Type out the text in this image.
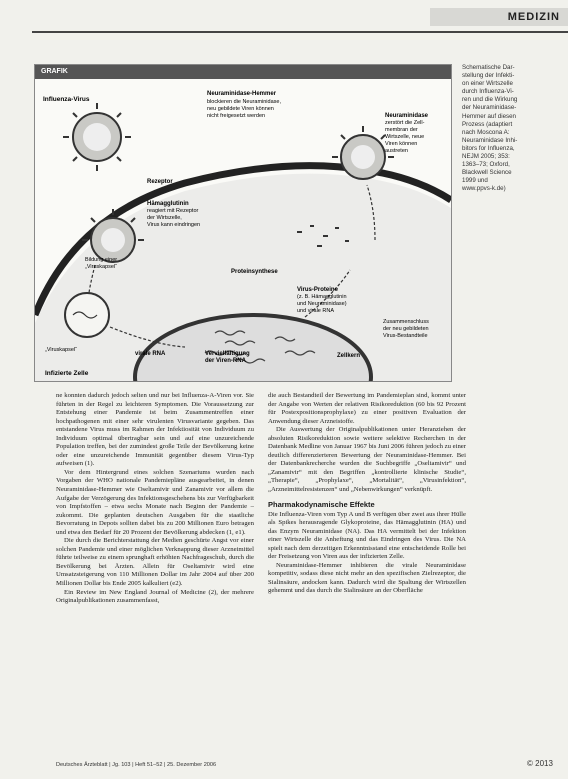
MEDIZIN
GRAFIK
Influenza-Virus
Neuraminidase-Hemmer
blockieren die Neuraminidase,
neu gebildete Viren können
nicht freigesetzt werden	Neuraminidase
zerstört die Zell-
membran der
Wirtszelle, neue
Viren können
austreten
Rezeptor
Hämagglutinin
reagiert mit Rezeptor
der Wirtszelle,
Virus kann eindringen
Bildung einer
„Viruskapsel“
Proteinsynthese
Virus-Proteine
(z. B. Hämagglutinin
und Neuraminidase)
und virale RNA
Zusammenschluss
der neu gebildeten
Virus-Bestandteile
„Viruskapsel“
virale RNA	Vervielfältigung
der Viren-RNA
Zellkern
Infizierte Zelle
Schematische Dar-
stellung der Infekti-
on einer Wirtszelle
durch Influenza-Vi-
ren und die Wirkung
der Neuraminidase-
Hemmer auf diesen
Prozess (adaptiert
nach Moscona A:
Neuraminidase Inhi-
bitors for Influenza,
NEJM 2005; 353:
1363–73; Oxford,
Blackwell Science
1999 und
www.ppvs-k.de)

ne konnten dadurch jedoch selten und nur bei Influenza-A-Viren vor. Sie führten in der Regel zu leichteren Symptomen. Die Voraussetzung zur Entstehung einer Pandemie ist beim Zusammentreffen einer hochpathogenen mit einer sehr virulenten Virusvariante gegeben. Das entstandene Virus muss im Rahmen der Infektiosität von Individuum zu Individuum optimal übertragbar sein und auf eine unzureichende Population treffen, bei der zumindest große Teile der Bevölkerung keine oder eine unzureichende Immunität gegenüber diesem Virus-Typ aufweisen (1).

Vor dem Hintergrund eines solchen Szenariums wurden nach Vorgaben der WHO nationale Pandemiepläne ausgearbeitet, in denen Neuraminidase-Hemmer wie Oseltamivir und Zanamivir vor allem die Aufgabe der Verzögerung des Infektionsgeschehens bis zur Verfügbarkeit von Impfstoffen – etwa sechs Monate nach Beginn der Pandemie – zukommt. Die geplanten deutschen Ausgaben für die staatliche Bevorratung in Depots sollten dabei bis zu 200 Millionen Euro betragen und etwa den Bedarf für 20 Prozent der Bevölkerung abdecken (1, e1).

Die durch die Berichterstattung der Medien geschürte Angst vor einer solchen Pandemie und einer möglichen Verknappung dieser Arzneimittel führte teilweise zu einem sprunghaft erhöhten Nachfrageschub, durch die Bevölkerung bei Ärzten. Allein für Oseltamivir wird eine Umsatzsteigerung von 110 Millionen Dollar im Jahr 2004 auf über 200 Millionen Dollar bis Ende 2005 kalkuliert (e2).

Ein Review im New England Journal of Medicine (2), der mehrere Originalpublikationen zusammenfasst,

die auch Bestandteil der Bewertung im Pandemieplan sind, kommt unter der Angabe von Werten der relativen Risikoreduktion (60 bis 92 Prozent für Postexpositionsprophylaxe) zu einer positiven Evaluation der Anwendung dieser Arzneistoffe.

Die Auswertung der Originalpublikationen unter Heranziehen der absoluten Risikoreduktion sowie weitere selektive Recherchen in der Datenbank Medline von Januar 1967 bis Juni 2006 führen jedoch zu einer deutlich differenzierteren Bewertung der Neuraminidase-Hemmer. Bei der Datenbankrecherche wurden die Suchbegriffe „Oseltamivir“ und „Zanamivir“ mit den Begriffen „kontrollierte klinische Studie“, „Therapie“, „Prophylaxe“, „Mortalität“, „Virusinfektion“, „Arzneimittelresistenzen“ und „Nebenwirkungen“ verknüpft.

Pharmakodynamische Effekte

Die Influenza-Viren vom Typ A und B verfügen über zwei aus ihrer Hülle als Spikes herausragende Glykoproteine, das Hämagglutinin (HA) und das Enzym Neuraminidase (NA). Das HA vermittelt bei der Infektion einer Wirtszelle die Anheftung und das Eindringen des Virus. Die NA spielt nach dem derzeitigen Erkenntnisstand eine entscheidende Rolle bei der Freisetzung von Viren aus der infizierten Zelle.

Neuraminidase-Hemmer inhibieren die virale Neuraminidase kompetitiv, sodass diese nicht mehr an den spezifischen Zielrezeptor, die Sialinsäure, andocken kann. Dadurch wird die Spaltung der Wirtszellen gehemmt und das durch die Sialinsäure an der Oberfläche

Deutsches Ärzteblatt | Jg. 103 | Heft 51–52 | 25. Dezember 2006	© 2013
